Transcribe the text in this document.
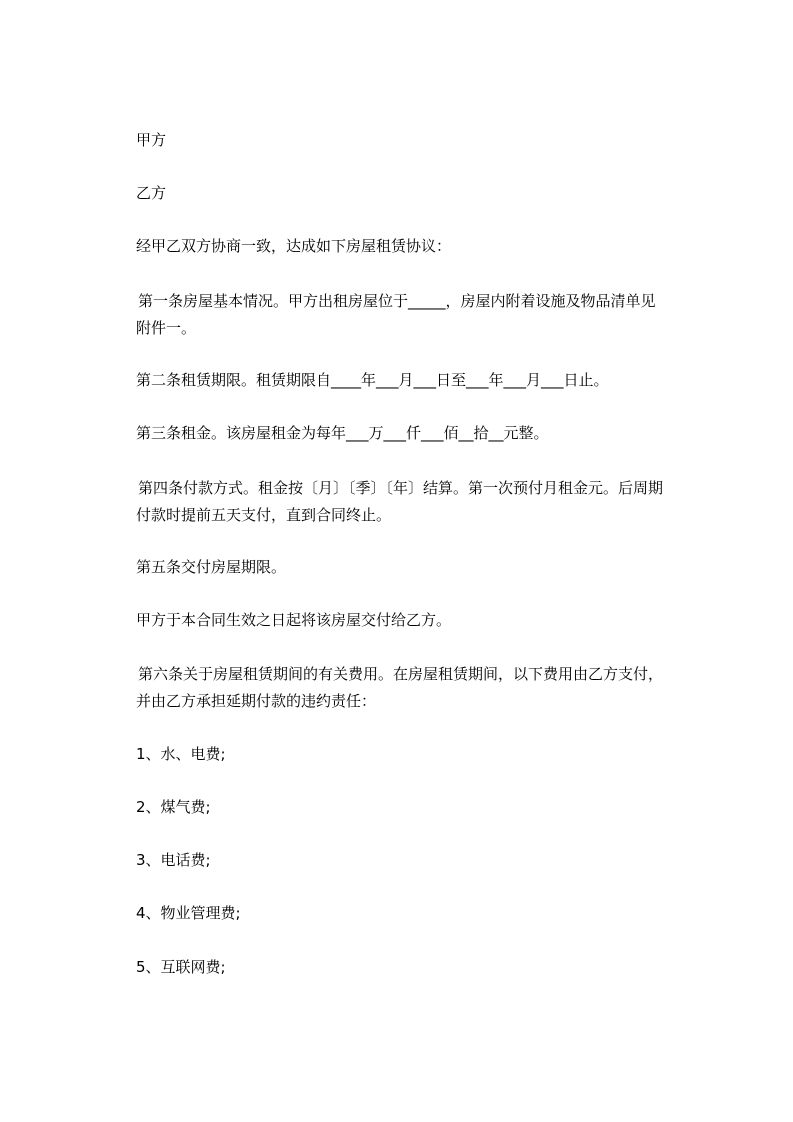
甲方
乙方
经甲乙双方协商一致，达成如下房屋租赁协议：
第一条房屋基本情况。甲方出租房屋位于_____，房屋内附着设施及物品清单见
附件一。
第二条租赁期限。租赁期限自____年___月___日至___年___月___日止。
第三条租金。该房屋租金为每年___万___仟___佰__拾__元整。
第四条付款方式。租金按〔月〕〔季〕〔年〕结算。第一次预付月租金元。后周期
付款时提前五天支付，直到合同终止。
第五条交付房屋期限。
甲方于本合同生效之日起将该房屋交付给乙方。
第六条关于房屋租赁期间的有关费用。在房屋租赁期间，以下费用由乙方支付，
并由乙方承担延期付款的违约责任：
1、水、电费;
2、煤气费;
3、电话费;
4、物业管理费;
5、互联网费;
